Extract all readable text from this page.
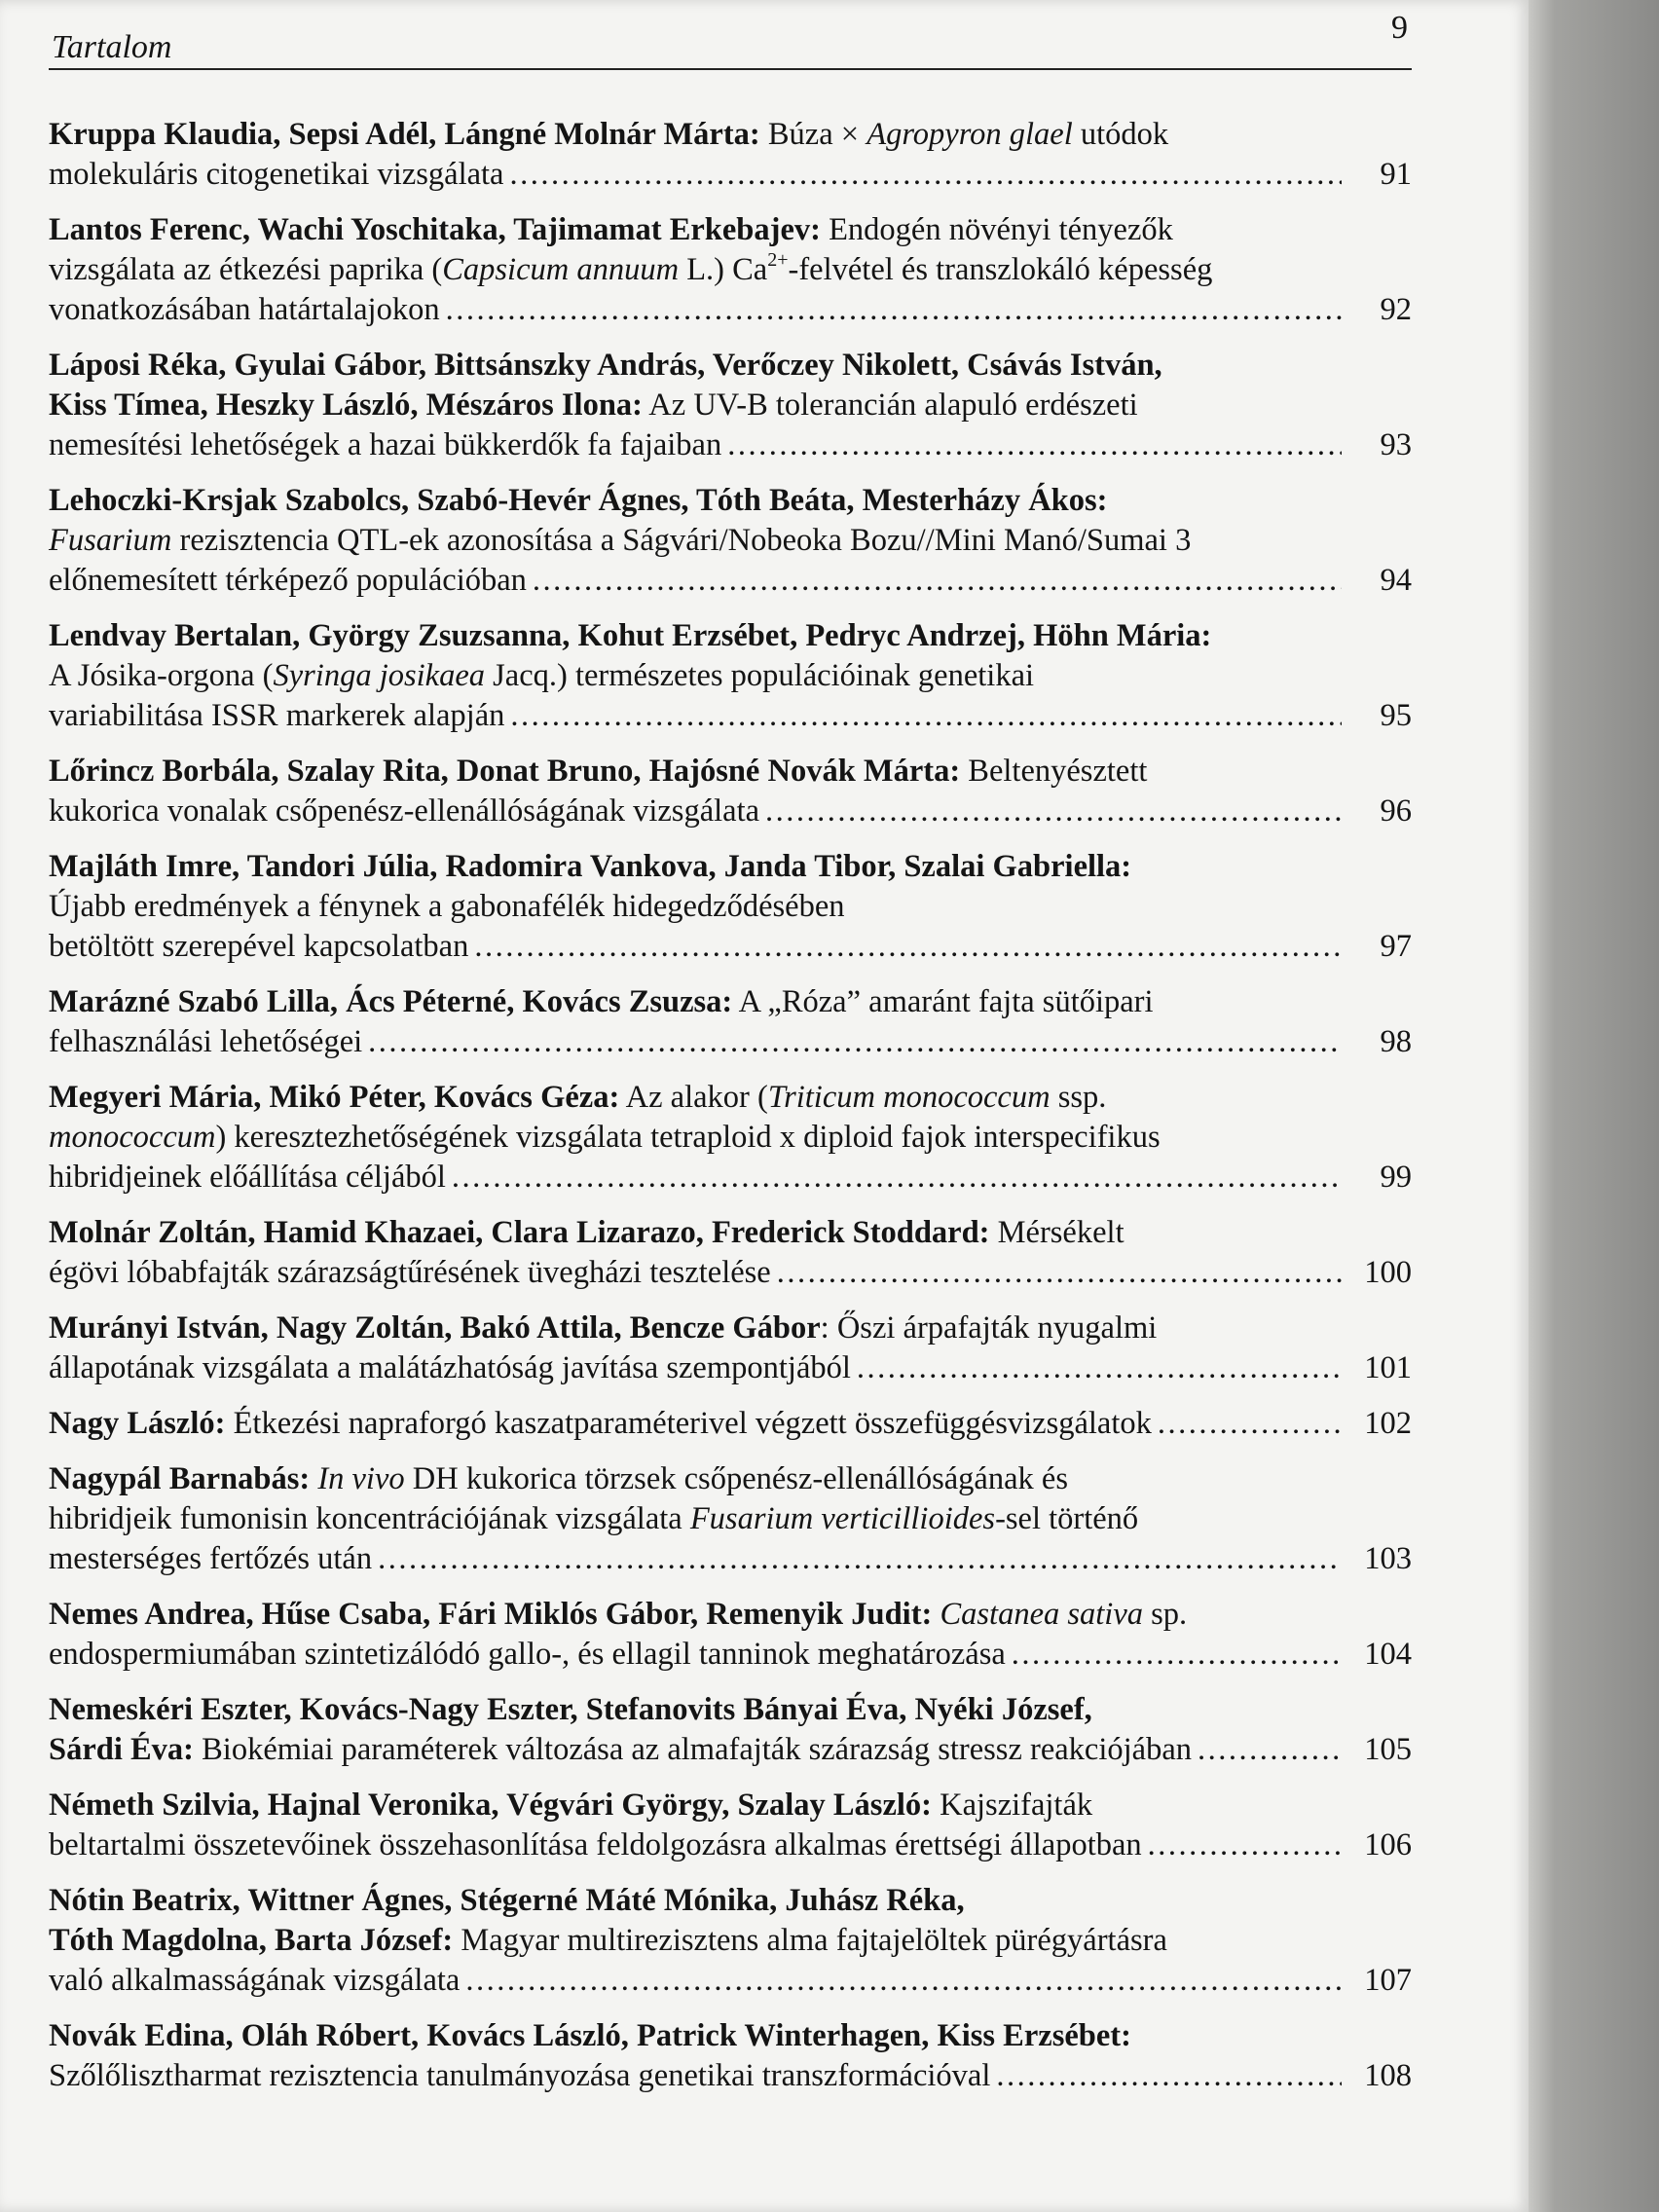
Tartalom
9
Kruppa Klaudia, Sepsi Adél, Lángné Molnár Márta: Búza × Agropyron glael utódok
molekuláris citogenetikai vizsgálata .....	91
Lantos Ferenc, Wachi Yoschitaka, Tajimamat Erkebajev: Endogén növényi tényezők
vizsgálata az étkezési paprika (Capsicum annuum L.) $Ca^{2+}$-felvétel és transzlokáló képesség
vonatkozásában határtalajokon .....	92
Láposi Réka, Gyulai Gábor, Bittsánszky András, Verőczey Nikolett, Csávás István,
Kiss Tímea, Heszky László, Mészáros Ilona: Az UV-B tolerancián alapuló erdészeti
nemesítési lehetőségek a hazai bükkerdők fa fajaiban .....	93
Lehoczki-Krsjak Szabolcs, Szabó-Hevér Ágnes, Tóth Beáta, Mesterházy Ákos:
Fusarium rezisztencia QTL-ek azonosítása a Ságvári/Nobeoka Bozu//Mini Manó/Sumai 3
előnemesített térképező populációban .....	94
Lendvay Bertalan, György Zsuzsanna, Kohut Erzsébet, Pedryc Andrzej, Höhn Mária:
A Jósika-orgona (Syringa josikaea Jacq.) természetes populációinak genetikai
variabilitása ISSR markerek alapján .....	95
Lőrincz Borbála, Szalay Rita, Donat Bruno, Hajósné Novák Márta: Beltenyésztett
kukorica vonalak csőpenész-ellenállóságának vizsgálata .....	96
Majláth Imre, Tandori Júlia, Radomira Vankova, Janda Tibor, Szalai Gabriella:
Újabb eredmények a fénynek a gabonafélék hidegedződésében
betöltött szerepével kapcsolatban .....	97
Marázné Szabó Lilla, Ács Péterné, Kovács Zsuzsa: A „Róza” amaránt fajta sütőipari
felhasználási lehetőségei .....	98
Megyeri Mária, Mikó Péter, Kovács Géza: Az alakor (Triticum monococcum ssp.
monococcum) keresztezhetőségének vizsgálata tetraploid x diploid fajok interspecifikus
hibridjeinek előállítása céljából .....	99
Molnár Zoltán, Hamid Khazaei, Clara Lizarazo, Frederick Stoddard: Mérsékelt
égövi lóbabfajták szárazságtűrésének üvegházi tesztelése .....	100
Murányi István, Nagy Zoltán, Bakó Attila, Bencze Gábor: Őszi árpafajták nyugalmi
állapotának vizsgálata a malátázhatóság javítása szempontjából .....	101
Nagy László: Étkezési napraforgó kaszatparaméterivel végzett összefüggésvizsgálatok .....	102
Nagypál Barnabás: In vivo DH kukorica törzsek csőpenész-ellenállóságának és
hibridjeik fumonisin koncentrációjának vizsgálata Fusarium verticillioides-sel történő
mesterséges fertőzés után .....	103
Nemes Andrea, Hűse Csaba, Fári Miklós Gábor, Remenyik Judit: Castanea sativa sp.
endospermiumában szintetizálódó gallo-, és ellagil tanninok meghatározása .....	104
Nemeskéri Eszter, Kovács-Nagy Eszter, Stefanovits Bányai Éva, Nyéki József,
Sárdi Éva: Biokémiai paraméterek változása az almafajták szárazság stressz reakciójában .....	105
Németh Szilvia, Hajnal Veronika, Végvári György, Szalay László: Kajszifajták
beltartalmi összetevőinek összehasonlítása feldolgozásra alkalmas érettségi állapotban .....	106
Nótin Beatrix, Wittner Ágnes, Stégerné Máté Mónika, Juhász Réka,
Tóth Magdolna, Barta József: Magyar multirezisztens alma fajtajelöltek pürégyártásra
való alkalmasságának vizsgálata .....	107
Novák Edina, Oláh Róbert, Kovács László, Patrick Winterhagen, Kiss Erzsébet:
Szőlőlisztharmat rezisztencia tanulmányozása genetikai transzformációval .....	108
